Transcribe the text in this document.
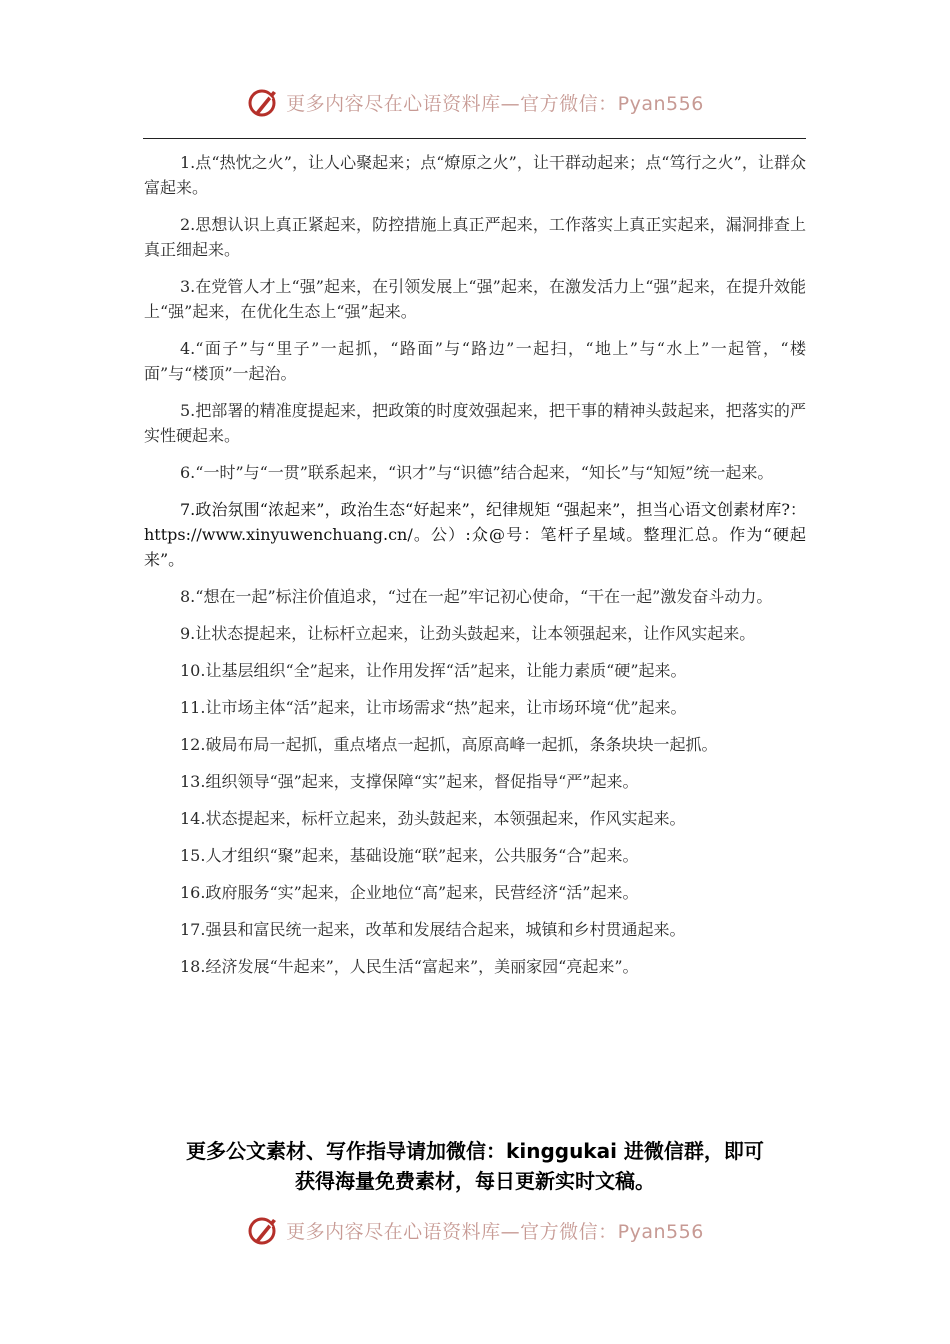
更多内容尽在心语资料库—官方微信：Pyan556

1.点“热忱之火”，让人心聚起来；点“燎原之火”，让干群动起来；点“笃行之火”，让群众富起来。

2.思想认识上真正紧起来，防控措施上真正严起来，工作落实上真正实起来，漏洞排查上真正细起来。

3.在党管人才上“强”起来，在引领发展上“强”起来，在激发活力上“强”起来，在提升效能上“强”起来，在优化生态上“强”起来。

4.“面子”与“里子”一起抓，“路面”与“路边”一起扫，“地上”与“水上”一起管，“楼面”与“楼顶”一起治。

5.把部署的精准度提起来，把政策的时度效强起来，把干事的精神头鼓起来，把落实的严实性硬起来。

6.“一时”与“一贯”联系起来，“识才”与“识德”结合起来，“知长”与“知短”统一起来。

7.政治氛围“浓起来”，政治生态“好起来”，纪律规矩 “强起来”，担当心语文创素材库?：https://www.xinyuwenchuang.cn/。公）:众@号：笔杆子星域。整理汇总。作为“硬起来”。

8.“想在一起”标注价值追求，“过在一起”牢记初心使命，“干在一起”激发奋斗动力。

9.让状态提起来，让标杆立起来，让劲头鼓起来，让本领强起来，让作风实起来。

10.让基层组织“全”起来，让作用发挥“活”起来，让能力素质“硬”起来。

11.让市场主体“活”起来，让市场需求“热”起来，让市场环境“优”起来。

12.破局布局一起抓，重点堵点一起抓，高原高峰一起抓，条条块块一起抓。

13.组织领导“强”起来，支撑保障“实”起来，督促指导“严”起来。

14.状态提起来，标杆立起来，劲头鼓起来，本领强起来，作风实起来。

15.人才组织“聚”起来，基础设施“联”起来，公共服务“合”起来。

16.政府服务“实”起来，企业地位“高”起来，民营经济“活”起来。

17.强县和富民统一起来，改革和发展结合起来，城镇和乡村贯通起来。

18.经济发展“牛起来”，人民生活“富起来”，美丽家园“亮起来”。

更多公文素材、写作指导请加微信：kinggukai 进微信群，即可
获得海量免费素材，每日更新实时文稿。
更多内容尽在心语资料库—官方微信：Pyan556
